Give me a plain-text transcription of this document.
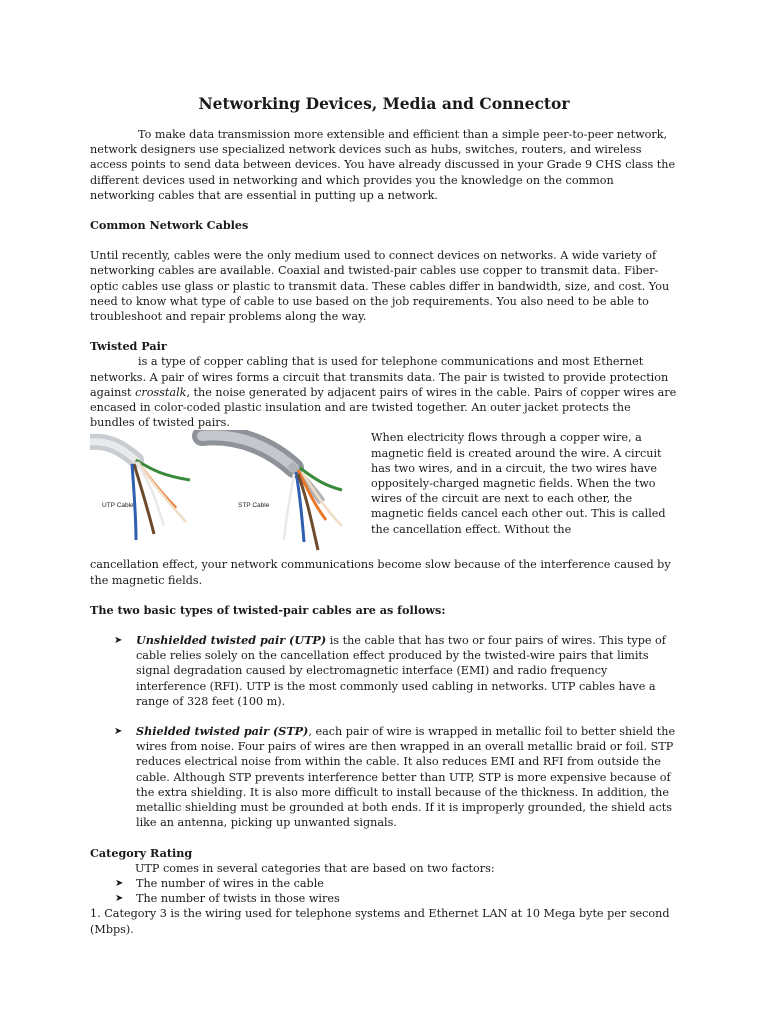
Networking Devices, Media and Connector

To make data transmission more extensible and efficient than a simple peer-to-peer network, network designers use specialized network devices such as hubs, switches, routers, and wireless access points to send data between devices. You have already discussed in your Grade 9 CHS class the different devices used in networking and which provides you the knowledge on the common networking cables that are essential in putting up a network.

Common Network Cables

Until recently, cables were the only medium used to connect devices on networks. A wide variety of networking cables are available. Coaxial and twisted-pair cables use copper to transmit data. Fiber-optic cables use glass or plastic to transmit data. These cables differ in bandwidth, size, and cost. You need to know what type of cable to use based on the job requirements. You also need to be able to troubleshoot and repair problems along the way.

Twisted Pair

is a type of copper cabling that is used for telephone communications and most Ethernet networks. A pair of wires forms a circuit that transmits data. The pair is twisted to provide protection against crosstalk, the noise generated by adjacent pairs of wires in the cable. Pairs of copper wires are encased in color-coded plastic insulation and are twisted together. An outer jacket protects the bundles of twisted pairs.

UTP Cable	STP Cable

When electricity flows through a copper wire, a magnetic field is created around the wire. A circuit has two wires, and in a circuit, the two wires have oppositely-charged magnetic fields. When the two wires of the circuit are next to each other, the magnetic fields cancel each other out. This is called the cancellation effect. Without the

cancellation effect, your network communications become slow because of the interference caused by the magnetic fields.

The two basic types of twisted-pair cables are as follows:

➤ Unshielded twisted pair (UTP) is the cable that has two or four pairs of wires. This type of cable relies solely on the cancellation effect produced by the twisted-wire pairs that limits signal degradation caused by electromagnetic interface (EMI) and radio frequency interference (RFI). UTP is the most commonly used cabling in networks. UTP cables have a range of 328 feet (100 m).
➤ Shielded twisted pair (STP), each pair of wire is wrapped in metallic foil to better shield the wires from noise. Four pairs of wires are then wrapped in an overall metallic braid or foil. STP reduces electrical noise from within the cable. It also reduces EMI and RFI from outside the cable. Although STP prevents interference better than UTP, STP is more expensive because of the extra shielding. It is also more difficult to install because of the thickness. In addition, the metallic shielding must be grounded at both ends. If it is improperly grounded, the shield acts like an antenna, picking up unwanted signals.

Category Rating

UTP comes in several categories that are based on two factors:

➤ The number of wires in the cable
➤ The number of twists in those wires

1. Category 3 is the wiring used for telephone systems and Ethernet LAN at 10 Mega byte per second (Mbps).
